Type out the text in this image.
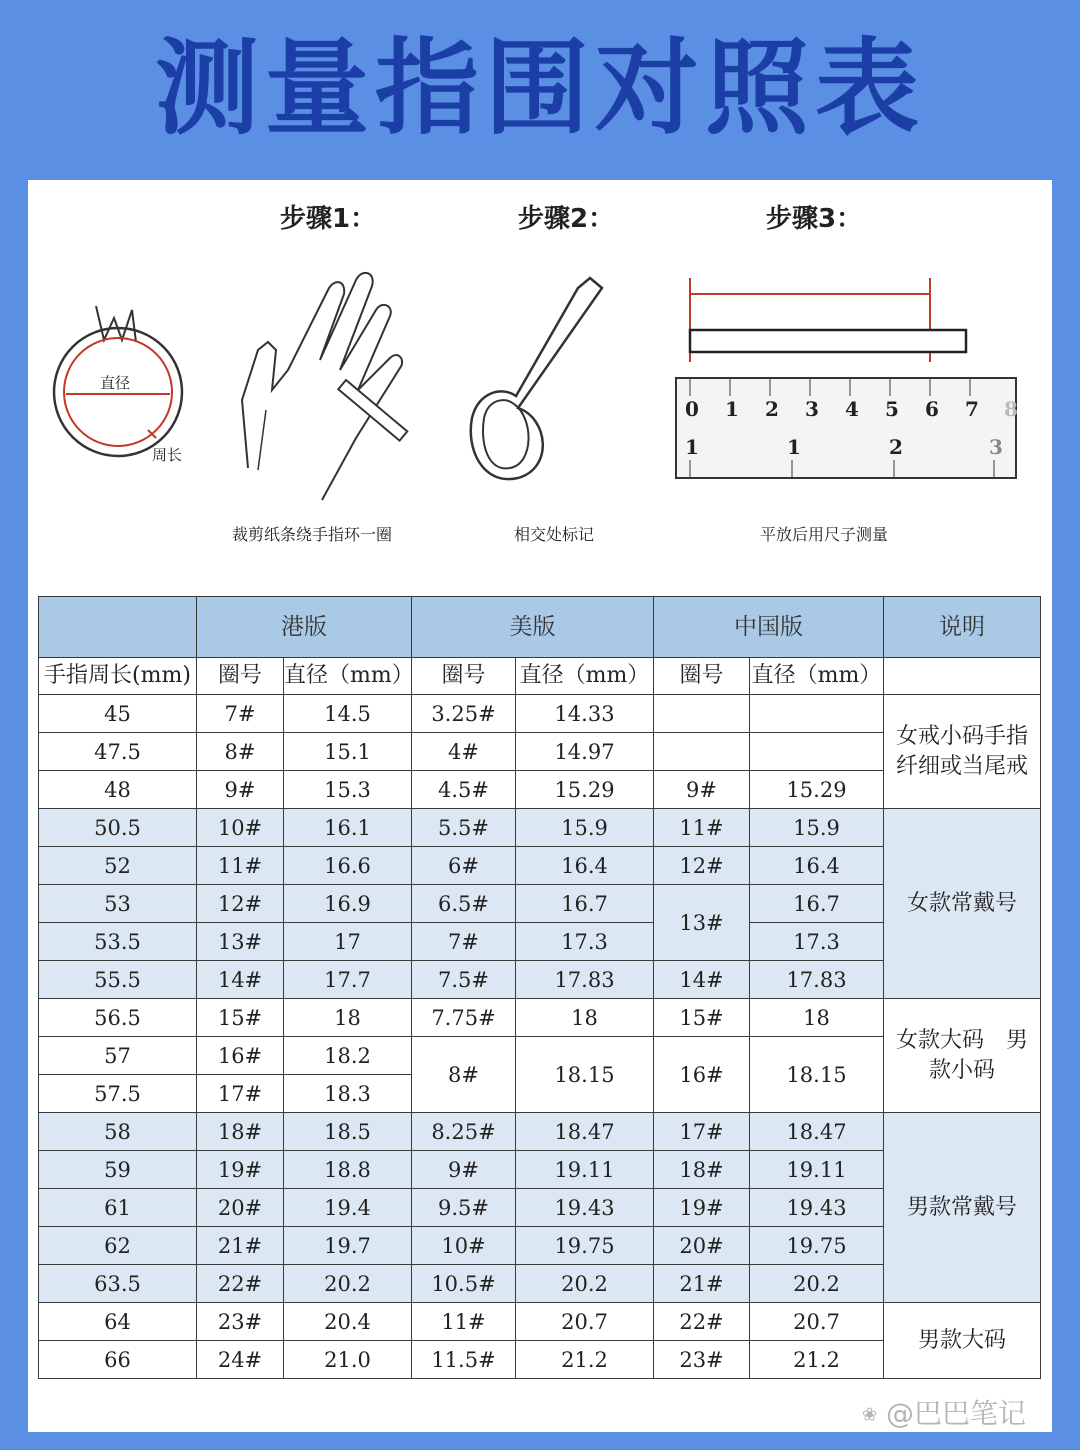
测量指围对照表
步骤1：	步骤2：	步骤3：
直径
周长
0 1 2 3 4 5 6 7 8
1	1	2	3
裁剪纸条绕手指环一圈	相交处标记	平放后用尺子测量
	港版		美版		中国版		说明
手指周长(mm)	圈号	直径（mm）	圈号	直径（mm）	圈号	直径（mm）	
45	7#	14.5	3.25#	14.33			女戒小码手指纤细或当尾戒
47.5	8#	15.1	4#	14.97			
48	9#	15.3	4.5#	15.29	9#	15.29	
50.5	10#	16.1	5.5#	15.9	11#	15.9	女款常戴号
52	11#	16.6	6#	16.4	12#	16.4	
53	12#	16.9	6.5#	16.7	13#	16.7	
53.5	13#	17	7#	17.3		17.3	
55.5	14#	17.7	7.5#	17.83	14#	17.83	
56.5	15#	18	7.75#	18	15#	18	女款大码　男款小码
57	16#	18.2	8#	18.15	16#	18.15	
57.5	17#	18.3					
58	18#	18.5	8.25#	18.47	17#	18.47	男款常戴号
59	19#	18.8	9#	19.11	18#	19.11	
61	20#	19.4	9.5#	19.43	19#	19.43	
62	21#	19.7	10#	19.75	20#	19.75	
63.5	22#	20.2	10.5#	20.2	21#	20.2	
64	23#	20.4	11#	20.7	22#	20.7	男款大码
66	24#	21.0	11.5#	21.2	23#	21.2	
❀ @巴巴笔记
